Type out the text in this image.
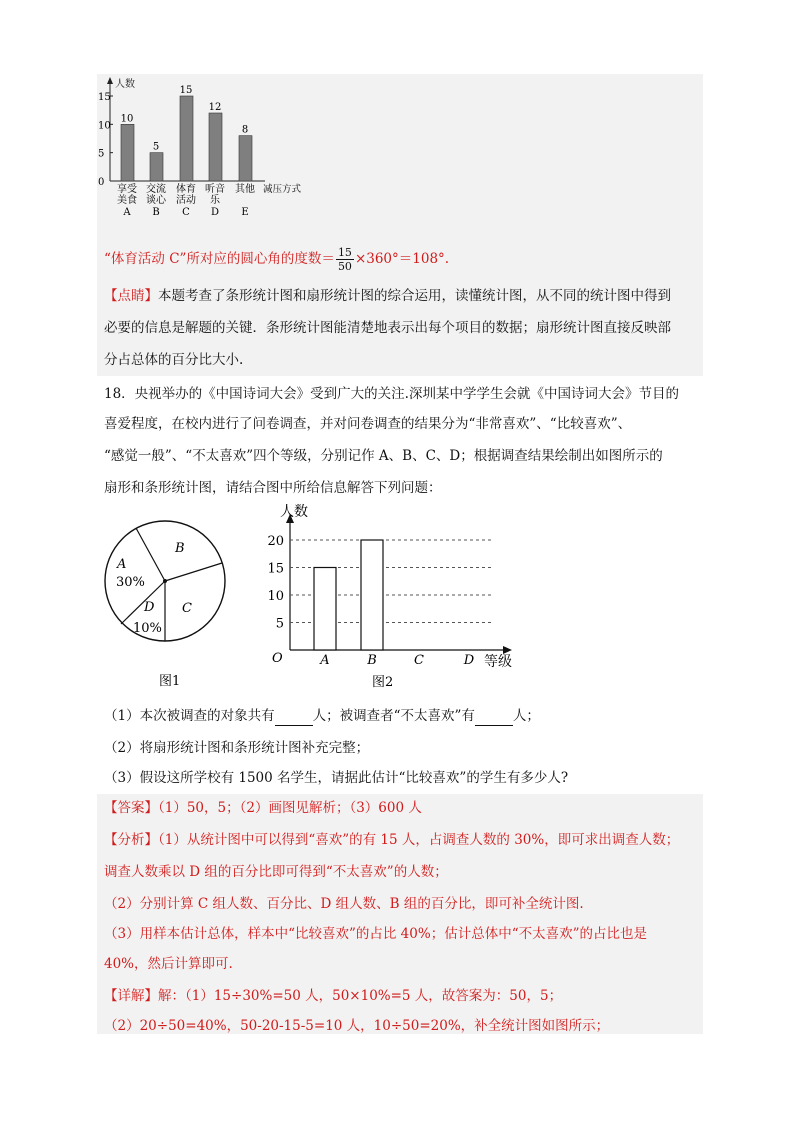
人数
减压方式
0
5
10
15
10
5
15
12
8
享受
美食
A
交流
谈心
B
体育
活动
C
听音
乐
D
其他
E
“体育活动 C”所对应的圆心角的度数＝ $\frac{15}{50} \times 360^\circ=108^\circ$.
【点睛】本题考查了条形统计图和扇形统计图的综合运用，读懂统计图，从不同的统计图中得到
必要的信息是解题的关键．条形统计图能清楚地表示出每个项目的数据；扇形统计图直接反映部
分占总体的百分比大小.
18．央视举办的《中国诗词大会》受到广大的关注.深圳某中学学生会就《中国诗词大会》节目的
喜爱程度，在校内进行了问卷调查，并对问卷调查的结果分为“非常喜欢”、“比较喜欢”、
“感觉一般”、“不太喜欢”四个等级，分别记作 A、B、C、D；根据调查结果绘制出如图所示的
扇形和条形统计图，请结合图中所给信息解答下列问题：
A
30%
B
C
D
10%
图1
人数
O	等级
图2
5
10
15
20
A	B	C	D
（1）本次被调查的对象共有	人；被调查者“不太喜欢”有	人；
（2）将扇形统计图和条形统计图补充完整；
（3）假设这所学校有 1500 名学生，请据此估计“比较喜欢”的学生有多少人?
【答案】（1）50，5；（2）画图见解析；（3）600 人
【分析】（1）从统计图中可以得到“喜欢”的有 15 人，占调查人数的 30%，即可求出调查人数；
调查人数乘以 D 组的百分比即可得到“不太喜欢”的人数；
（2）分别计算 C 组人数、百分比、D 组人数、B 组的百分比，即可补全统计图.
（3）用样本估计总体，样本中“比较喜欢”的占比 40%；估计总体中“不太喜欢”的占比也是
40%，然后计算即可.
【详解】解：（1）15÷30%=50 人，50×10%=5 人，故答案为：50，5；
（2）20÷50=40%，50-20-15-5=10 人，10÷50=20%，补全统计图如图所示；
